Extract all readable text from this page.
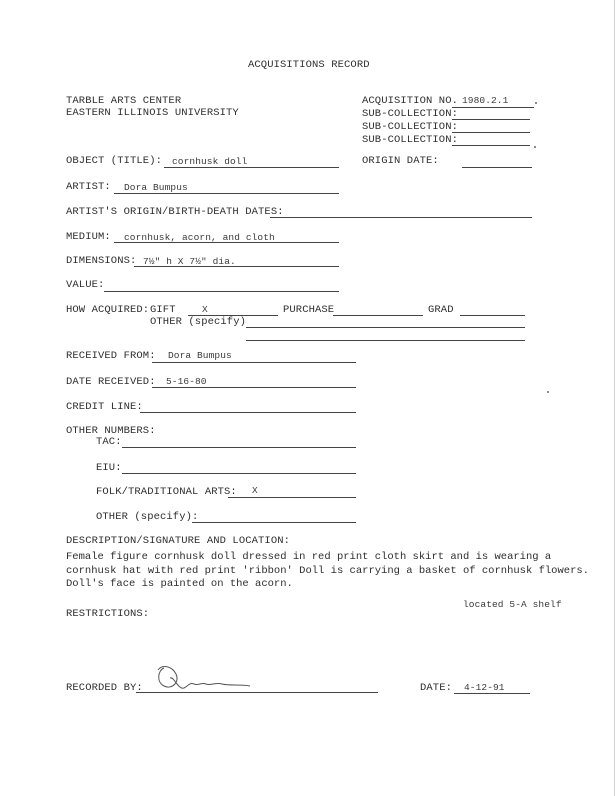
ACQUISITIONS RECORD
TARBLE ARTS CENTER
EASTERN ILLINOIS UNIVERSITY
ACQUISITION NO. 1980.2.1
SUB-COLLECTION:
SUB-COLLECTION:
SUB-COLLECTION:
OBJECT (TITLE): cornhusk doll	ORIGIN DATE:
ARTIST: Dora Bumpus
ARTIST'S ORIGIN/BIRTH-DEATH DATES:
MEDIUM: cornhusk, acorn, and cloth
DIMENSIONS: 7½" h X 7½" dia.
VALUE:
HOW ACQUIRED: GIFT	X	PURCHASE	GRAD
OTHER (specify)
RECEIVED FROM: Dora Bumpus
DATE RECEIVED: 5-16-80
CREDIT LINE:
OTHER NUMBERS:
TAC:
EIU:
FOLK/TRADITIONAL ARTS: X
OTHER (specify):
DESCRIPTION/SIGNATURE AND LOCATION:
Female figure cornhusk doll dressed in red print cloth skirt and is wearing a
cornhusk hat with red print 'ribbon' Doll is carrying a basket of cornhusk flowers.
Doll's face is painted on the acorn.
located 5-A shelf
RESTRICTIONS:
RECORDED BY:	DATE: 4-12-91
